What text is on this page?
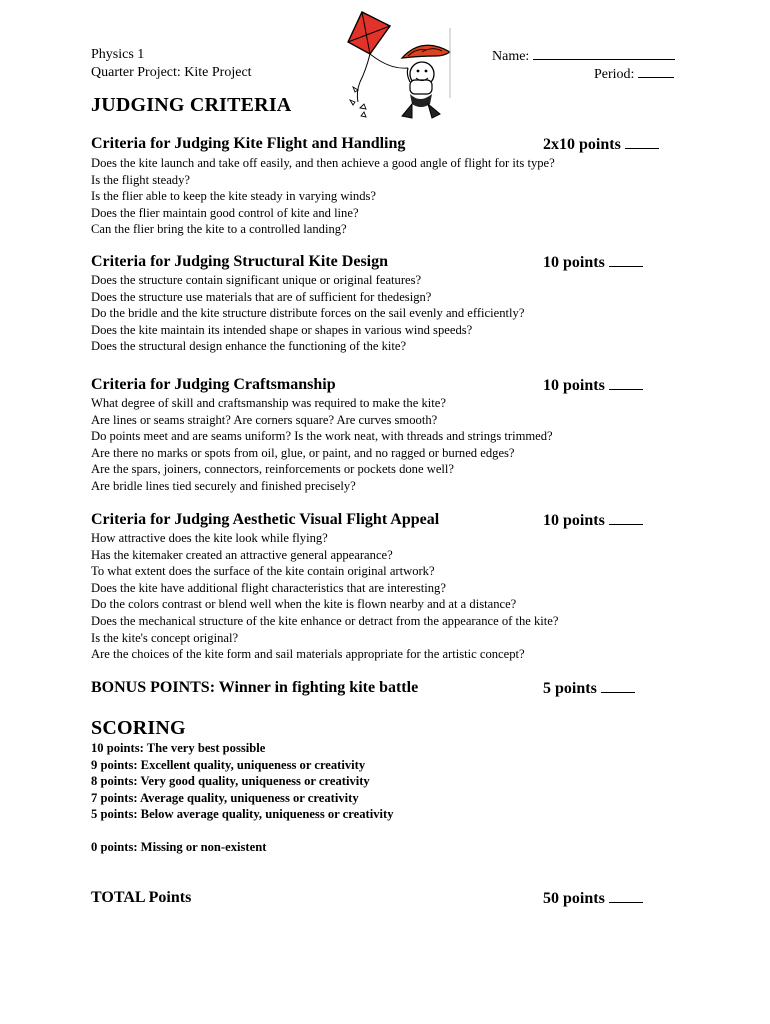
Physics 1
Quarter Project: Kite Project
Name:
Period:
JUDGING CRITERIA
Criteria for Judging Kite Flight and Handling	2x10 points
Does the kite launch and take off easily, and then achieve a good angle of flight for its type?
Is the flight steady?
Is the flier able to keep the kite steady in varying winds?
Does the flier maintain good control of kite and line?
Can the flier bring the kite to a controlled landing?
Criteria for Judging Structural Kite Design	10 points
Does the structure contain significant unique or original features?
Does the structure use materials that are of sufficient for thedesign?
Do the bridle and the kite structure distribute forces on the sail evenly and efficiently?
Does the kite maintain its intended shape or shapes in various wind speeds?
Does the structural design enhance the functioning of the kite?
Criteria for Judging Craftsmanship	10 points
What degree of skill and craftsmanship was required to make the kite?
Are lines or seams straight? Are corners square? Are curves smooth?
Do points meet and are seams uniform? Is the work neat, with threads and strings trimmed?
Are there no marks or spots from oil, glue, or paint, and no ragged or burned edges?
Are the spars, joiners, connectors, reinforcements or pockets done well?
Are bridle lines tied securely and finished precisely?
Criteria for Judging Aesthetic Visual Flight Appeal	10 points
How attractive does the kite look while flying?
Has the kitemaker created an attractive general appearance?
To what extent does the surface of the kite contain original artwork?
Does the kite have additional flight characteristics that are interesting?
Do the colors contrast or blend well when the kite is flown nearby and at a distance?
Does the mechanical structure of the kite enhance or detract from the appearance of the kite?
Is the kite's concept original?
Are the choices of the kite form and sail materials appropriate for the artistic concept?
BONUS POINTS: Winner in fighting kite battle	5 points
SCORING
10 points: The very best possible
9 points: Excellent quality, uniqueness or creativity
8 points: Very good quality, uniqueness or creativity
7 points: Average quality, uniqueness or creativity
5 points: Below average quality, uniqueness or creativity
0 points: Missing or non-existent
TOTAL Points	50 points
